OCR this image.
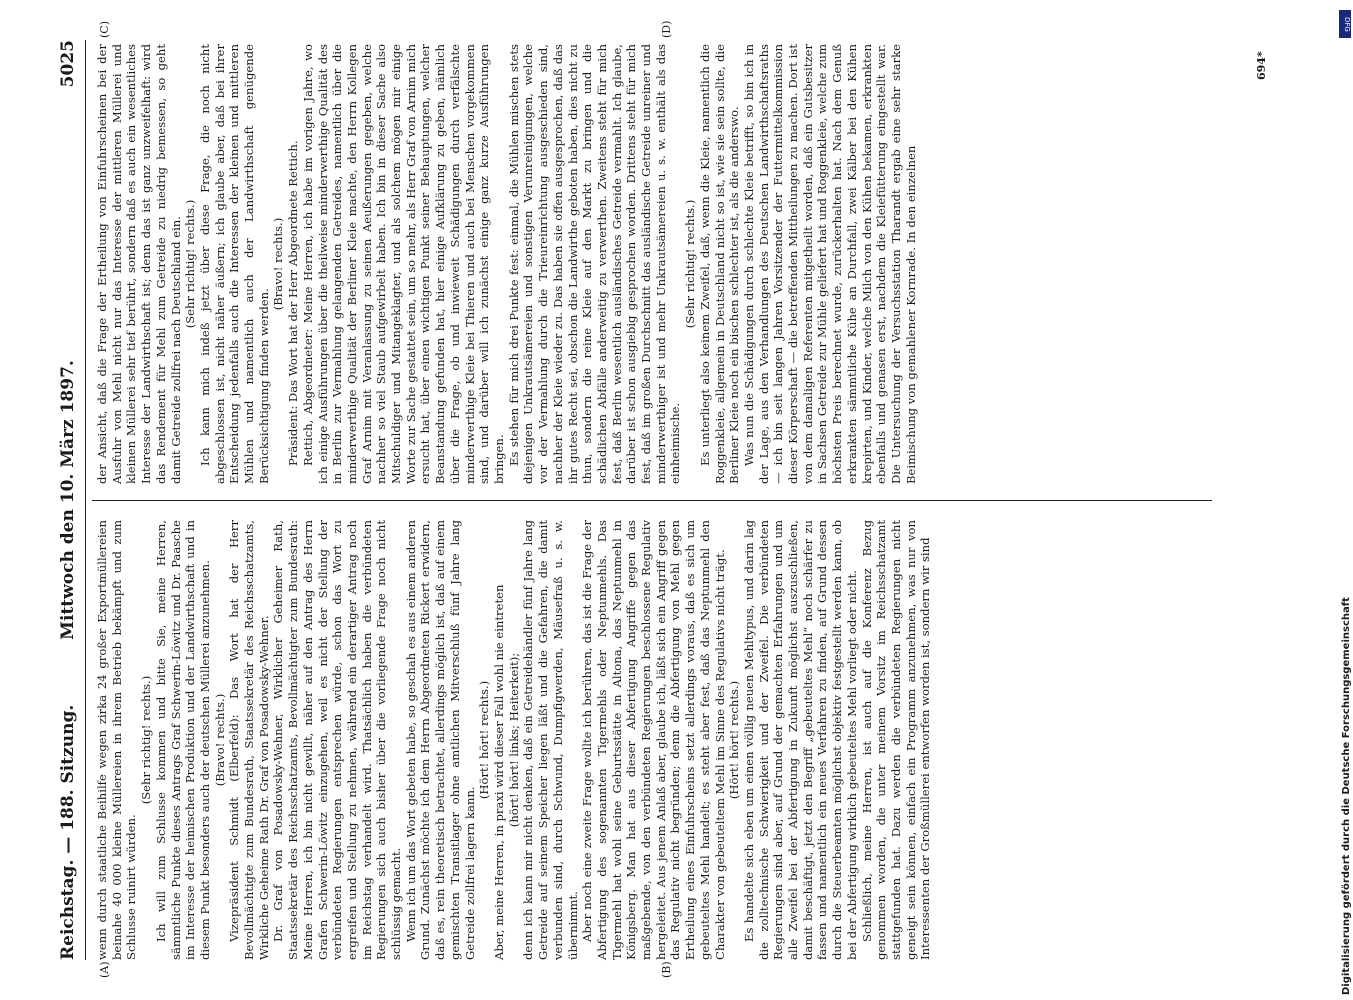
Reichstag. — 188. Sitzung.
Mittwoch den 10. März 1897.
5025
(A)	(B)
(C)	(D)

wenn durch staatliche Beihilfe wegen zirka 24 großer Exportmüllereien beinahe 40 000 kleine Müllereien in ihrem Betrieb bekämpft und zum Schlusse ruinirt würden.

(Sehr richtig! rechts.) Ich will zum Schlusse kommen und bitte Sie, meine Herren, sämmtliche Punkte dieses Antrags Graf Schwerin-Löwitz und Dr. Paasche im Interesse der heimischen Produktion und der Landwirthschaft und in diesem Punkt besonders auch der deutschen Müllerei anzunehmen. (Bravo! rechts.) Vizepräsident Schmidt (Elberfeld): Das Wort hat der Herr Bevollmächtigte zum Bundesrath, Staatssekretär des Reichsschatzamts, Wirkliche Geheime Rath Dr. Graf von Posadowsky-Wehner. Dr. Graf von Posadowsky-Wehner, Wirklicher Geheimer Rath, Staatssekretär des Reichsschatzamts, Bevollmächtigter zum Bundesrath: Meine Herren, ich bin nicht gewillt, näher auf den Antrag des Herrn Grafen Schwerin-Löwitz einzugehen, weil es nicht der Stellung der verbündeten Regierungen entsprechen würde, schon das Wort zu ergreifen und Stellung zu nehmen, während ein derartiger Antrag noch im Reichstag verhandelt wird. Thatsächlich haben die verbündeten Regierungen sich auch bisher über die vorliegende Frage noch nicht schlüssig gemacht. Wenn ich um das Wort gebeten habe, so geschah es aus einem anderen Grund. Zunächst möchte ich dem Herrn Abgeordneten Rickert erwidern, daß es, rein theoretisch betrachtet, allerdings möglich ist, daß auf einem gemischten Transitlager ohne amtlichen Mitverschluß fünf Jahre lang Getreide zollfrei lagern kann.

(Hört! hört! rechts.) Aber, meine Herren, in praxi wird dieser Fall wohl nie eintreten (hört! hört! links; Heiterkeit); denn ich kann mir nicht denken, daß ein Getreidehändler fünf Jahre lang Getreide auf seinem Speicher liegen läßt und die Gefahren, die damit verbunden sind, durch Schwund, Dumpfigwerden, Mäusefraß u. s. w. übernimmt. Aber noch eine zweite Frage wollte ich berühren, das ist die Frage der Abfertigung des sogenannten Tigermehls oder Neptunmehls. Das Tigermehl hat wohl seine Geburtsstätte in Altona, das Neptunmehl in Königsberg. Man hat aus dieser Abfertigung Angriffe gegen das maßgebende, von den verbündeten Regierungen beschlossene Regulativ hergeleitet. Aus jenem Anlaß aber, glaube ich, läßt sich ein Angriff gegen das Regulativ nicht begründen; denn die Abfertigung von Mehl gegen Ertheilung eines Einfuhrscheins setzt allerdings voraus, daß es sich um gebeuteltes Mehl handelt; es steht aber fest, daß das Neptunmehl den Charakter von gebeuteltem Mehl im Sinne des Regulativs nicht trägt. (Hört! hört! rechts.) Es handelte sich eben um einen völlig neuen Mehltypus, und darin lag die zolltechnische Schwierigkeit und der Zweifel. Die verbündeten Regierungen sind aber, auf Grund der gemachten Erfahrungen und um alle Zweifel bei der Abfertigung in Zukunft möglichst auszuschließen, damit beschäftigt, jetzt den Begriff „gebeuteltes Mehl“ noch schärfer zu fassen und namentlich ein neues Verfahren zu finden, auf Grund dessen durch die Steuerbeamten möglichst objektiv festgestellt werden kann, ob bei der Abfertigung wirklich gebeuteltes Mehl vorliegt oder nicht. Schließlich, meine Herren, ist auch auf die Konferenz Bezug genommen worden, die unter meinem Vorsitz im Reichsschatzamt stattgefunden hat. Dazu werden die verbündeten Regierungen nicht geneigt sein können, einfach ein Programm anzunehmen, was nur von Interessenten der Großmüllerei entworfen worden ist, sondern wir sind

der Ansicht, daß die Frage der Ertheilung von Einfuhrscheinen bei der Ausfuhr von Mehl nicht nur das Interesse der mittleren Müllerei und kleinen Müllerei sehr tief berührt, sondern daß es auch ein wesentliches Interesse der Landwirthschaft ist; denn das ist ganz unzweifelhaft: wird das Rendement für Mehl zum Getreide zu niedrig bemessen, so geht damit Getreide zollfrei nach Deutschland ein. (Sehr richtig! rechts.) Ich kann mich indeß jetzt über diese Frage, die noch nicht abgeschlossen ist, nicht näher äußern; ich glaube aber, daß bei ihrer Entscheidung jedenfalls auch die Interessen der kleinen und mittleren Mühlen und namentlich auch der Landwirthschaft genügende Berücksichtigung finden werden.

(Bravo! rechts.) Präsident: Das Wort hat der Herr Abgeordnete Rettich. Rettich, Abgeordneter: Meine Herren, ich habe im vorigen Jahre, wo ich einige Ausführungen über die theilweise minderwerthige Qualität des in Berlin zur Vermahlung gelangenden Getreides, namentlich über die minderwerthige Qualität der Berliner Kleie machte, den Herrn Kollegen Graf Arnim mit Veranlassung zu seinen Aeußerungen gegeben, welche nachher so viel Staub aufgewirbelt haben. Ich bin in dieser Sache also Mitschuldiger und Mitangeklagter, und als solchem mögen mir einige Worte zur Sache gestattet sein, um so mehr, als Herr Graf von Arnim mich ersucht hat, über einen wichtigen Punkt seiner Behauptungen, welcher Beanstandung gefunden hat, hier einige Aufklärung zu geben, nämlich über die Frage, ob und inwieweit Schädigungen durch verfälschte minderwerthige Kleie bei Thieren und auch bei Menschen vorgekommen sind, und darüber will ich zunächst einige ganz kurze Ausführungen bringen. Es stehen für mich drei Punkte fest: einmal, die Mühlen mischen stets diejenigen Unkrautsämereien und sonstigen Verunreinigungen, welche vor der Vermahlung durch die Trieureinrichtung ausgeschieden sind, nachher der Kleie wieder zu. Das haben sie offen ausgesprochen, daß das ihr gutes Recht sei, obschon die Landwirthe geboten haben, dies nicht zu thun, sondern die reine Kleie auf den Markt zu bringen und die schädlichen Abfälle anderweitig zu verwerthen. Zweitens steht für mich fest, daß Berlin wesentlich ausländisches Getreide vermahlt. Ich glaube, darüber ist schon ausgiebig gesprochen worden. Drittens steht für mich fest, daß im großen Durchschnitt das ausländische Getreide unreiner und minderwerthiger ist und mehr Unkrautsämereien u. s. w. enthält als das einheimische.

(Sehr richtig! rechts.) Es unterliegt also keinem Zweifel, daß, wenn die Kleie, namentlich die Roggenkleie, allgemein in Deutschland nicht so ist, wie sie sein sollte, die Berliner Kleie noch ein bischen schlechter ist, als die anderswo. Was nun die Schädigungen durch schlechte Kleie betrifft, so bin ich in der Lage, aus den Verhandlungen des Deutschen Landwirthschaftsraths — ich bin seit langen Jahren Vorsitzender der Futtermittelkommission dieser Körperschaft — die betreffenden Mittheilungen zu machen. Dort ist von dem damaligen Referenten mitgetheilt worden, daß ein Gutsbesitzer in Sachsen Getreide zur Mühle geliefert hat und Roggenkleie, welche zum höchsten Preis berechnet wurde, zurückerhalten hat. Nach dem Genuß erkrankten sämmtliche Kühe an Durchfall, zwei Kälber bei den Kühen krepirten, und Kinder, welche Milch von den Kühen bekamen, erkrankten ebenfalls und genasen erst, nachdem die Kleiefütterung eingestellt war. Die Untersuchung der Versuchsstation Tharandt ergab eine sehr starke Beimischung von gemahlener Kornrade. In den einzelnen

694*
DFG
Digitalisierung gefördert durch die Deutsche Forschungsgemeinschaft
